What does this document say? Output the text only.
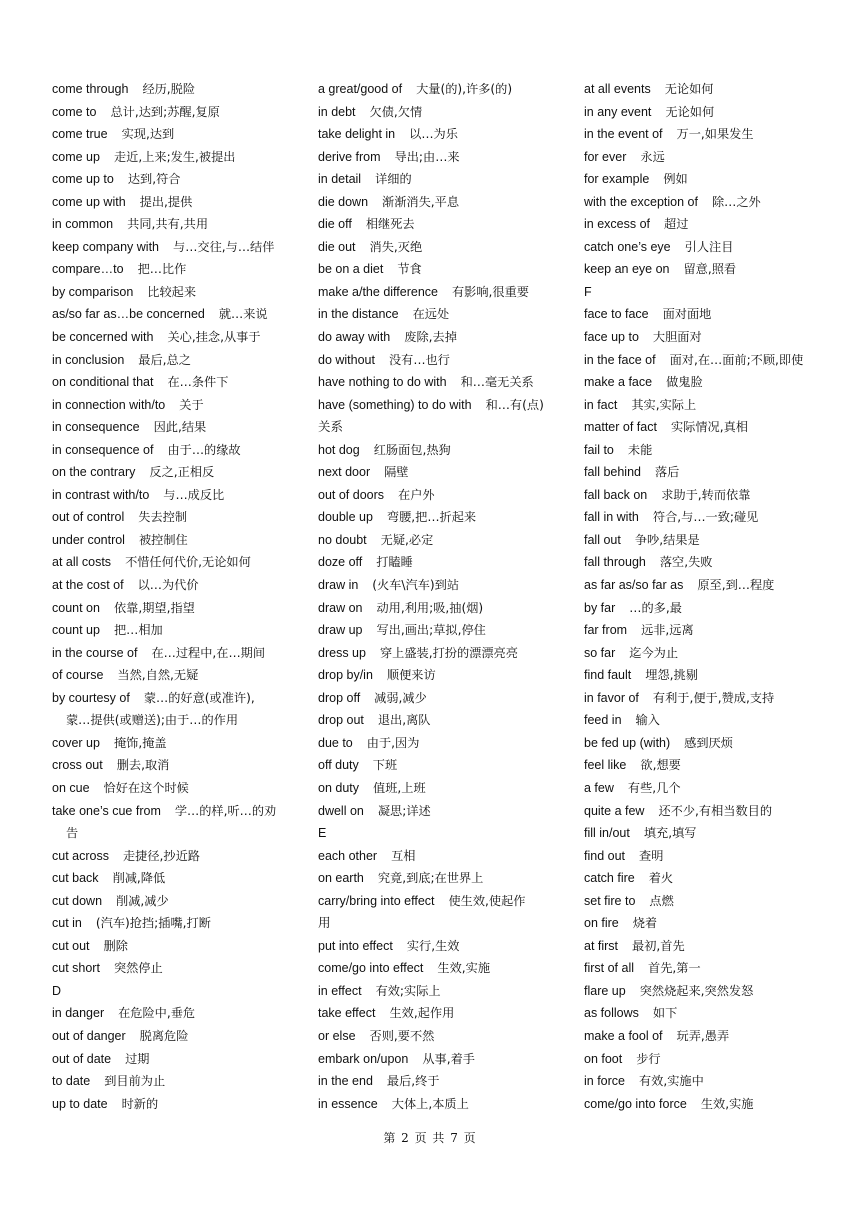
come through 经历,脱险
come to 总计,达到;苏醒,复原
come true 实现,达到
come up 走近,上来;发生,被提出
come up to 达到,符合
come up with 提出,提供
in common 共同,共有,共用
keep company with 与…交往,与…结伴
compare…to 把…比作
by comparison 比较起来
as/so far as…be concerned 就…来说
be concerned with 关心,挂念,从事于
in conclusion 最后,总之
on conditional that 在…条件下
in connection with/to 关于
in consequence 因此,结果
in consequence of 由于…的缘故
on the contrary 反之,正相反
in contrast with/to 与…成反比
out of control 失去控制
under control 被控制住
at all costs 不惜任何代价,无论如何
at the cost of 以…为代价
count on 依靠,期望,指望
count up 把…相加
in the course of 在…过程中,在…期间
of course 当然,自然,无疑
by courtesy of 蒙…的好意(或准许),
蒙…提供(或赠送);由于…的作用
cover up 掩饰,掩盖
cross out 删去,取消
on cue 恰好在这个时候
take one’s cue from 学…的样,听…的劝
告
cut across 走捷径,抄近路
cut back 削减,降低
cut down 削减,减少
cut in (汽车)抢挡;插嘴,打断
cut out 删除
cut short 突然停止
D
in danger 在危险中,垂危
out of danger 脱离危险
out of date 过期
to date 到目前为止
up to date 时新的
a great/good of 大量(的),许多(的)
in debt 欠债,欠情
take delight in 以…为乐
derive from 导出;由…来
in detail 详细的
die down 渐渐消失,平息
die off 相继死去
die out 消失,灭绝
be on a diet 节食
make a/the difference 有影响,很重要
in the distance 在远处
do away with 废除,去掉
do without 没有…也行
have nothing to do with 和…毫无关系
have (something) to do with 和…有(点)
关系
hot dog 红肠面包,热狗
next door 隔壁
out of doors 在户外
double up 弯腰,把…折起来
no doubt 无疑,必定
doze off 打瞌睡
draw in (火车\汽车)到站
draw on 动用,利用;吸,抽(烟)
draw up 写出,画出;草拟,停住
dress up 穿上盛装,打扮的漂漂亮亮
drop by/in 顺便来访
drop off 减弱,减少
drop out 退出,离队
due to 由于,因为
off duty 下班
on duty 值班,上班
dwell on 凝思;详述
E
each other 互相
on earth 究竟,到底;在世界上
carry/bring into effect 使生效,使起作
用
put into effect 实行,生效
come/go into effect 生效,实施
in effect 有效;实际上
take effect 生效,起作用
or else 否则,要不然
embark on/upon 从事,着手
in the end 最后,终于
in essence 大体上,本质上
at all events 无论如何
in any event 无论如何
in the event of 万一,如果发生
for ever 永远
for example 例如
with the exception of 除…之外
in excess of 超过
catch one’s eye 引人注目
keep an eye on 留意,照看
F
face to face 面对面地
face up to 大胆面对
in the face of 面对,在…面前;不顾,即使
make a face 做鬼脸
in fact 其实,实际上
matter of fact 实际情况,真相
fail to 未能
fall behind 落后
fall back on 求助于,转而依靠
fall in with 符合,与…一致;碰见
fall out 争吵,结果是
fall through 落空,失败
as far as/so far as 原至,到…程度
by far …的多,最
far from 远非,远离
so far 迄今为止
find fault 埋怨,挑剔
in favor of 有利于,便于,赞成,支持
feed in 输入
be fed up (with) 感到厌烦
feel like 欲,想要
a few 有些,几个
quite a few 还不少,有相当数目的
fill in/out 填充,填写
find out 查明
catch fire 着火
set fire to 点燃
on fire 烧着
at first 最初,首先
first of all 首先,第一
flare up 突然烧起来,突然发怒
as follows 如下
make a fool of 玩弄,愚弄
on foot 步行
in force 有效,实施中
come/go into force 生效,实施
第 2 页 共 7 页
